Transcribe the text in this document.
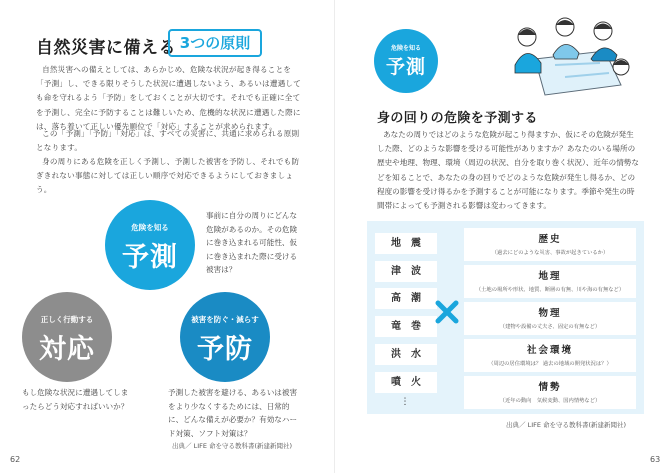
自然災害に備える 3つの原則
自然災害への備えとしては、あらかじめ、危険な状況が起き得ることを「予測」し、できる限りそうした状況に遭遇しないよう、あるいは遭遇しても命を守れるよう「予防」をしておくことが大切です。それでも正確に全てを予測し、完全に予防することは難しいため、危機的な状況に遭遇した際には、落ち着いて正しい優先順位で「対応」することが求められます。
この「予測」「予防」「対応」は、すべての災害に、共通に求められる原則となります。
身の周りにある危険を正しく予測し、予測した被害を予防し、それでも防ぎきれない事態に対しては正しい順序で対応できるようにしておきましょう。
危険を知る
予測
事前に自分の周りにどんな危険があるのか。その危険に巻き込まれる可能性、仮に巻き込まれた際に受ける被害は？
正しく行動する
対応
もし危険な状況に遭遇してしまったらどう対応すればいいか？
被害を防ぐ・減らす
予防
予測した被害を避ける、あるいは被害をより少なくするためには、日常的に、どんな備えが必要か？有効なハード対策、ソフト対策は？
出典／ LIFE 命を守る教科書(新建新聞社)
62
危険を知る
予測
身の回りの危険を予測する
あなたの周りではどのような危険が起こり得ますか、仮にその危険が発生した際、どのような影響を受ける可能性がありますか？あなたのいる場所の歴史や地理、物理、環境（周辺の状況、自分を取り巻く状況）、近年の情勢などを知ることで、あなたの身の回りでどのような危険が発生し得るか、どの程度の影響を受け得るかを予測することが可能になります。季節や発生の時間帯によっても予測される影響は変わってきます。
地震
津波
高潮
竜巻
洪水
噴火
⋮
歴史
（過去にどのような災害、事故が起きているか）
地理
（土地の場所や形状、地質、断層の有無、川や海の有無など）
物理
（建物や設備の丈夫さ、固定の有無など）
社会環境
（周辺の居住環境は？ 過去の地域の開発状況は？）
情勢
（近年の動向　気候変動、国内情勢など）
出典／ LIFE 命を守る教科書(新建新聞社)
63
